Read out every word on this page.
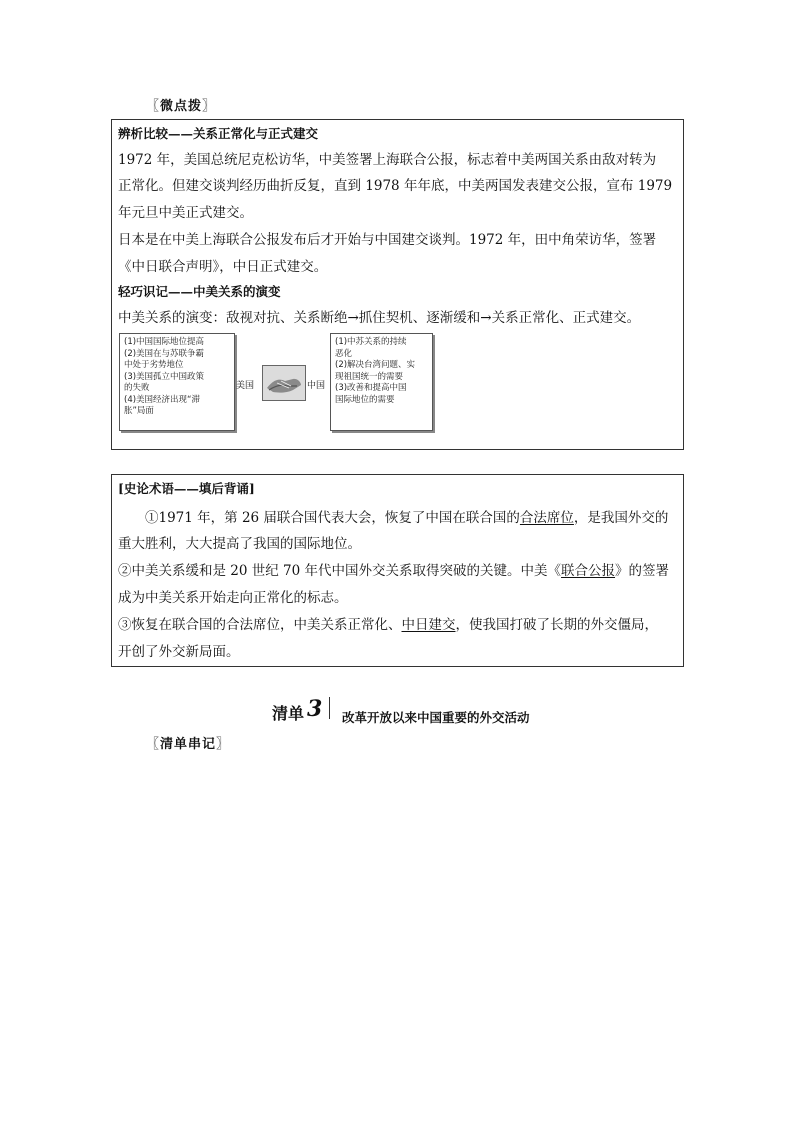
〖微点拨〗
辨析比较——关系正常化与正式建交
1972 年，美国总统尼克松访华，中美签署上海联合公报，标志着中美两国关系由敌对转为
正常化。但建交谈判经历曲折反复，直到 1978 年年底，中美两国发表建交公报，宣布 1979
年元旦中美正式建交。
日本是在中美上海联合公报发布后才开始与中国建交谈判。1972 年，田中角荣访华，签署
《中日联合声明》，中日正式建交。
轻巧识记——中美关系的演变
中美关系的演变：敌视对抗、关系断绝→抓住契机、逐渐缓和→关系正常化、正式建交。
(1)中国国际地位提高
(2)美国在与苏联争霸
中处于劣势地位
(3)美国孤立中国政策
的失败
(4)美国经济出现“滞
胀”局面
美国	中国
(1)中苏关系的持续
恶化
(2)解决台湾问题、实
现祖国统一的需要
(3)改善和提高中国
国际地位的需要
[史论术语——填后背诵]
①1971 年，第 26 届联合国代表大会，恢复了中国在联合国的合法席位，是我国外交的
重大胜利，大大提高了我国的国际地位。
②中美关系缓和是 20 世纪 70 年代中国外交关系取得突破的关键。中美《联合公报》的签署
成为中美关系开始走向正常化的标志。
③恢复在联合国的合法席位，中美关系正常化、中日建交，使我国打破了长期的外交僵局，
开创了外交新局面。
清单 3 改革开放以来中国重要的外交活动
〖清单串记〗
